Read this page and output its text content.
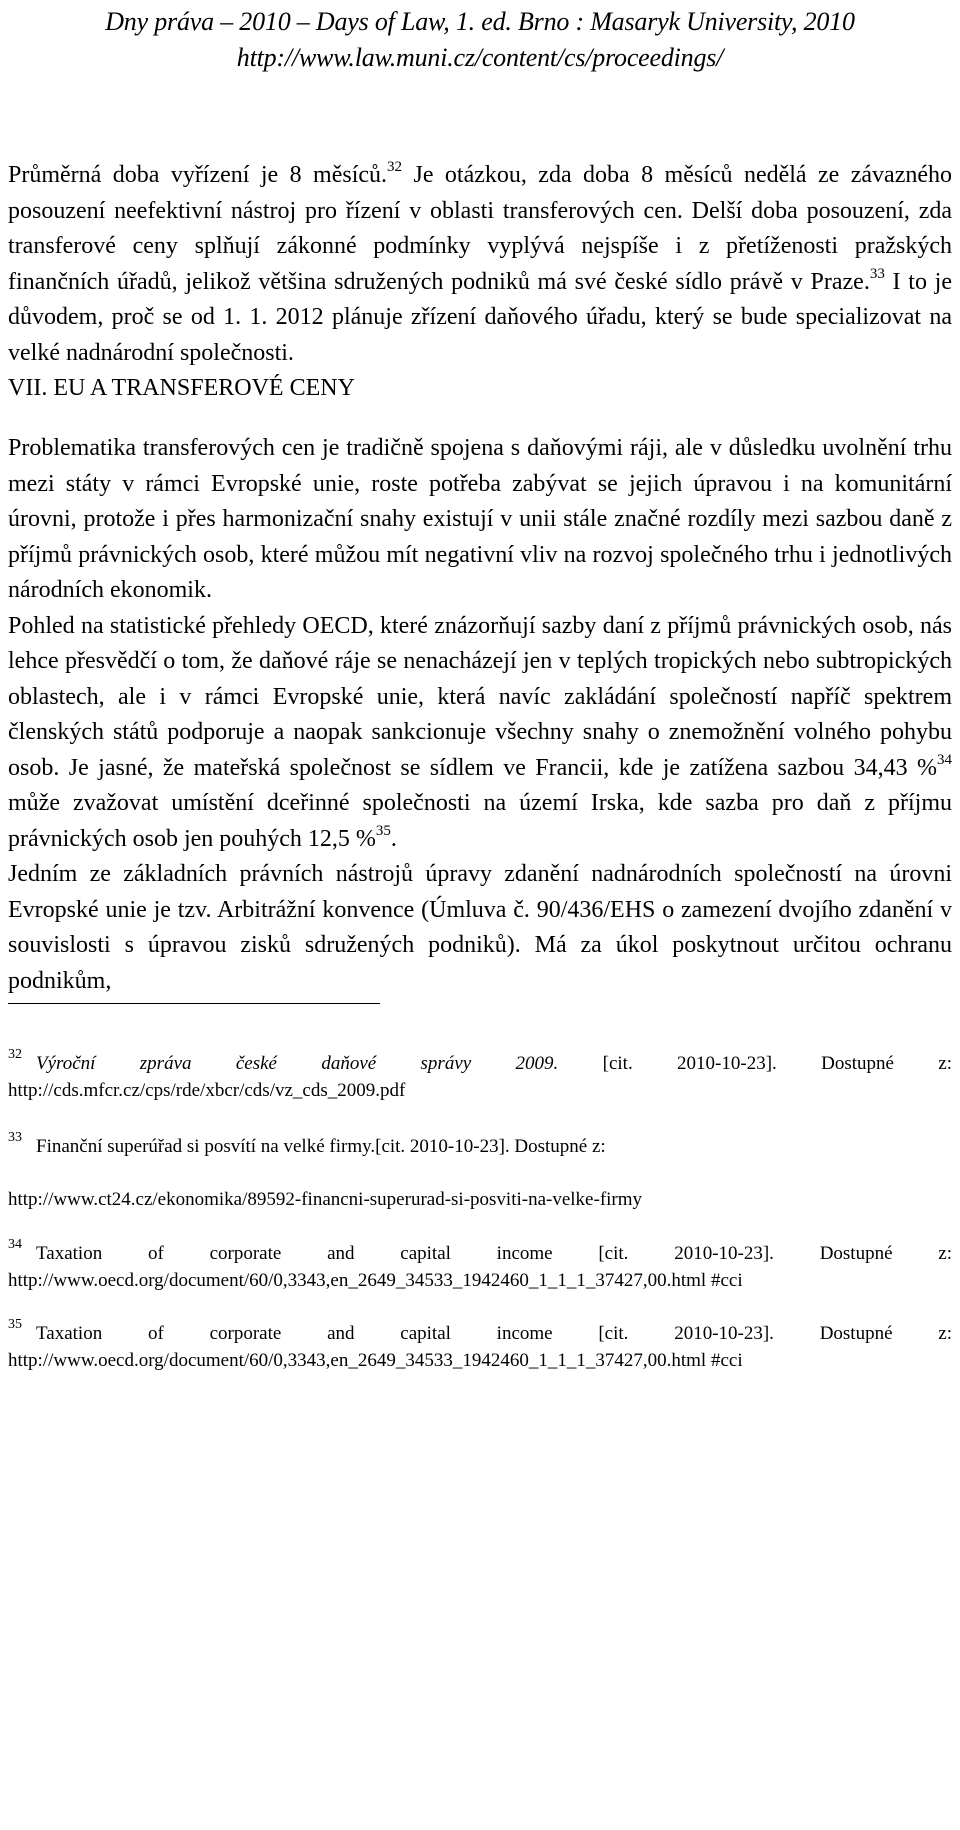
Dny práva – 2010 – Days of Law, 1. ed. Brno : Masaryk University, 2010
http://www.law.muni.cz/content/cs/proceedings/

Průměrná doba vyřízení je 8 měsíců.$^{32}$ Je otázkou, zda doba 8 měsíců nedělá ze závazného posouzení neefektivní nástroj pro řízení v oblasti transferových cen. Delší doba posouzení, zda transferové ceny splňují zákonné podmínky vyplývá nejspíše i z přetíženosti pražských finančních úřadů, jelikož většina sdružených podniků má své české sídlo právě v Praze.$^{33}$ I to je důvodem, proč se od 1. 1. 2012 plánuje zřízení daňového úřadu, který se bude specializovat na velké nadnárodní společnosti.

VII. EU A TRANSFEROVÉ CENY

Problematika transferových cen je tradičně spojena s daňovými ráji, ale v důsledku uvolnění trhu mezi státy v rámci Evropské unie, roste potřeba zabývat se jejich úpravou i na komunitární úrovni, protože i přes harmonizační snahy existují v unii stále značné rozdíly mezi sazbou daně z příjmů právnických osob, které můžou mít negativní vliv na rozvoj společného trhu i jednotlivých národních ekonomik.

Pohled na statistické přehledy OECD, které znázorňují sazby daní z příjmů právnických osob, nás lehce přesvědčí o tom, že daňové ráje se nenacházejí jen v teplých tropických nebo subtropických oblastech, ale i v rámci Evropské unie, která navíc zakládání společností napříč spektrem členských států podporuje a naopak sankcionuje všechny snahy o znemožnění volného pohybu osob. Je jasné, že mateřská společnost se sídlem ve Francii, kde je zatížena sazbou 34,43 %$^{34}$ může zvažovat umístění dceřinné společnosti na území Irska, kde sazba pro daň z příjmu právnických osob jen pouhých 12,5 %$^{35}$.

Jedním ze základních právních nástrojů úpravy zdanění nadnárodních společností na úrovni Evropské unie je tzv. Arbitrážní konvence (Úmluva č. 90/436/EHS o zamezení dvojího zdanění v souvislosti s úpravou zisků sdružených podniků). Má za úkol poskytnout určitou ochranu podnikům,

$^{32}$ Výroční zpráva české daňové správy 2009. [cit. 2010-10-23]. Dostupné z: http://cds.mfcr.cz/cps/rde/xbcr/cds/vz_cds_2009.pdf

$^{33}$ Finanční superúřad si posvítí na velké firmy.[cit. 2010-10-23]. Dostupné z:

http://www.ct24.cz/ekonomika/89592-financni-superurad-si-posviti-na-velke-firmy

$^{34}$ Taxation of corporate and capital income [cit. 2010-10-23]. Dostupné z: http://www.oecd.org/document/60/0,3343,en_2649_34533_1942460_1_1_1_37427,00.html #cci

$^{35}$ Taxation of corporate and capital income [cit. 2010-10-23]. Dostupné z: http://www.oecd.org/document/60/0,3343,en_2649_34533_1942460_1_1_1_37427,00.html #cci
